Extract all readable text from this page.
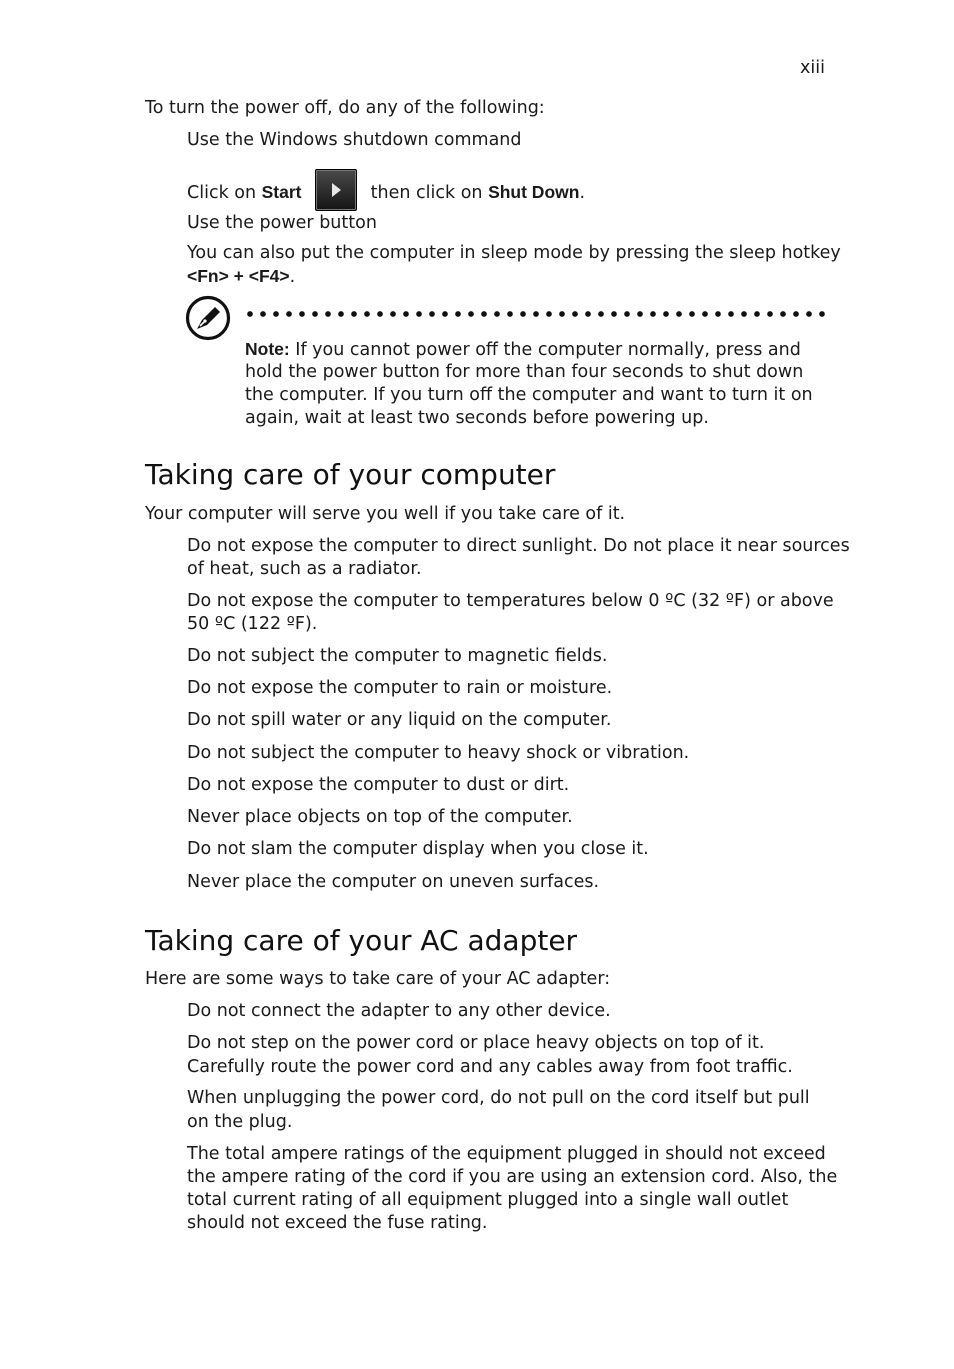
xiii
To turn the power off, do any of the following:
Use the Windows shutdown command
Click on Start	then click on Shut Down.
Use the power button
You can also put the computer in sleep mode by pressing the sleep hotkey
<Fn> + <F4>.
Note: If you cannot power off the computer normally, press and
hold the power button for more than four seconds to shut down
the computer. If you turn off the computer and want to turn it on
again, wait at least two seconds before powering up.
Taking care of your computer
Your computer will serve you well if you take care of it.
Do not expose the computer to direct sunlight. Do not place it near sources
of heat, such as a radiator.
Do not expose the computer to temperatures below 0 ºC (32 ºF) or above
50 ºC (122 ºF).
Do not subject the computer to magnetic fields.
Do not expose the computer to rain or moisture.
Do not spill water or any liquid on the computer.
Do not subject the computer to heavy shock or vibration.
Do not expose the computer to dust or dirt.
Never place objects on top of the computer.
Do not slam the computer display when you close it.
Never place the computer on uneven surfaces.
Taking care of your AC adapter
Here are some ways to take care of your AC adapter:
Do not connect the adapter to any other device.
Do not step on the power cord or place heavy objects on top of it.
Carefully route the power cord and any cables away from foot traffic.
When unplugging the power cord, do not pull on the cord itself but pull
on the plug.
The total ampere ratings of the equipment plugged in should not exceed
the ampere rating of the cord if you are using an extension cord. Also, the
total current rating of all equipment plugged into a single wall outlet
should not exceed the fuse rating.
